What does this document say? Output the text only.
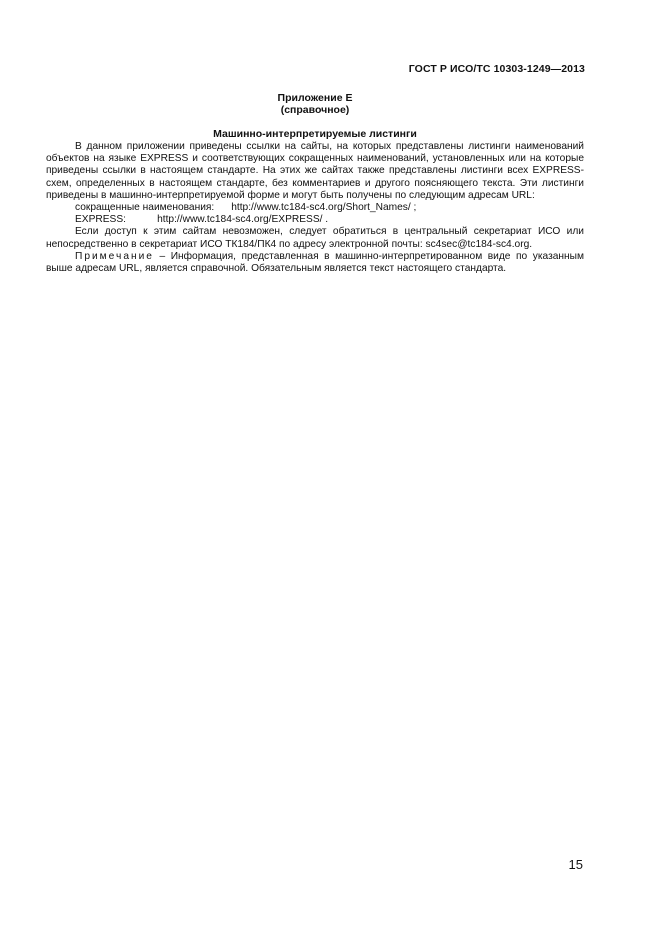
ГОСТ Р ИСО/ТС 10303-1249—2013
Приложение Е
(справочное)
Машинно-интерпретируемые листинги

В данном приложении приведены ссылки на сайты, на которых представлены листинги наименований объектов на языке EXPRESS и соответствующих сокращенных наименований, установленных или на которые приведены ссылки в настоящем стандарте. На этих же сайтах также представлены листинги всех EXPRESS-схем, определенных в настоящем стандарте, без комментариев и другого поясняющего текста. Эти листинги приведены в машинно-интерпретируемой форме и могут быть получены по следующим адресам URL:

сокращенные наименования: http://www.tc184-sc4.org/Short_Names/ ;

EXPRESS:	http://www.tc184-sc4.org/EXPRESS/ .

Если доступ к этим сайтам невозможен, следует обратиться в центральный секретариат ИСО или непосредственно в секретариат ИСО ТК184/ПК4 по адресу электронной почты: sc4sec@tc184-sc4.org.

Примечание – Информация, представленная в машинно-интерпретированном виде по указанным выше адресам URL, является справочной. Обязательным является текст настоящего стандарта.

15
